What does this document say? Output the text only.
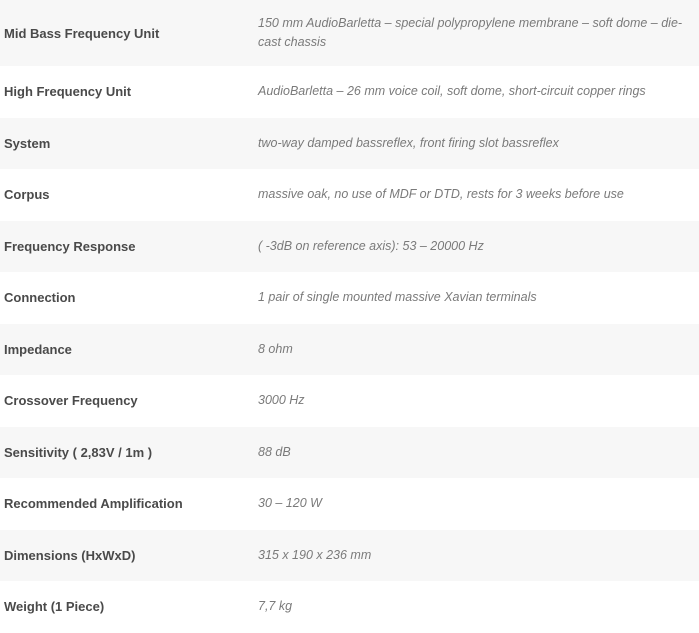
Mid Bass Frequency Unit	150 mm AudioBarletta – special polypropylene membrane – soft dome – die-cast chassis
High Frequency Unit	AudioBarletta – 26 mm voice coil, soft dome, short-circuit copper rings
System	two-way damped bassreflex, front firing slot bassreflex
Corpus	massive oak, no use of MDF or DTD, rests for 3 weeks before use
Frequency Response	( -3dB on reference axis): 53 – 20000 Hz
Connection	1 pair of single mounted massive Xavian terminals
Impedance	8 ohm
Crossover Frequency	3000 Hz
Sensitivity ( 2,83V / 1m )	88 dB
Recommended Amplification	30 – 120 W
Dimensions (HxWxD)	315 x 190 x 236 mm
Weight (1 Piece)	7,7 kg
